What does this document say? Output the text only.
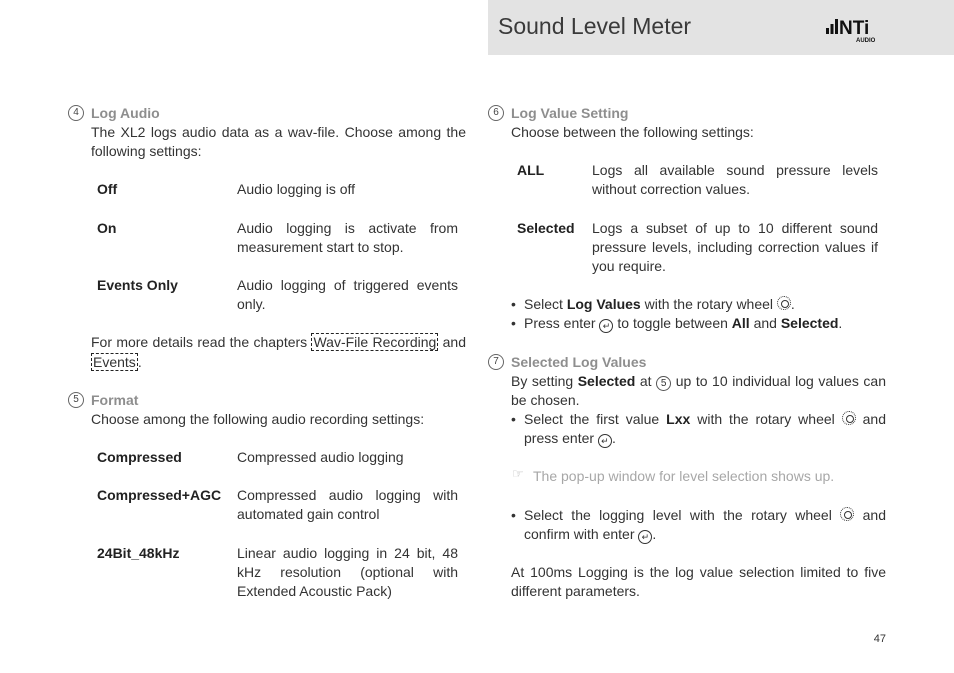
Sound Level Meter	NTi
AUDIO
4 Log Audio
The XL2 logs audio data as a wav-file. Choose among the following settings:
Off	Audio logging is off
On	Audio logging is activate from measurement start to stop.
Events Only	Audio logging of triggered events only.
For more details read the chapters Wav-File Recording and Events .
5 Format
Choose among the following audio recording settings:
Compressed	Compressed audio logging
Compressed+AGC	Compressed audio logging with automated gain control
24Bit_48kHz	Linear audio logging in 24 bit, 48 kHz resolution (optional with Extended Acoustic Pack)
6 Log Value Setting
Choose between the following settings:
ALL	Logs all available sound pressure levels without correction values.
Selected	Logs a subset of up to 10 different sound pressure levels, including correction values if you require.
• Select Log Values with the rotary wheel .
• Press enter ↵ to toggle between All and Selected.
7 Selected Log Values
By setting Selected at 5 up to 10 individual log values can be chosen.
• Select the first value Lxx with the rotary wheel  and press enter ↵ .
☞ The pop-up window for level selection shows up.
• Select the logging level with the rotary wheel  and confirm with enter ↵ .
At 100ms Logging is the log value selection limited to five different parameters.
47
